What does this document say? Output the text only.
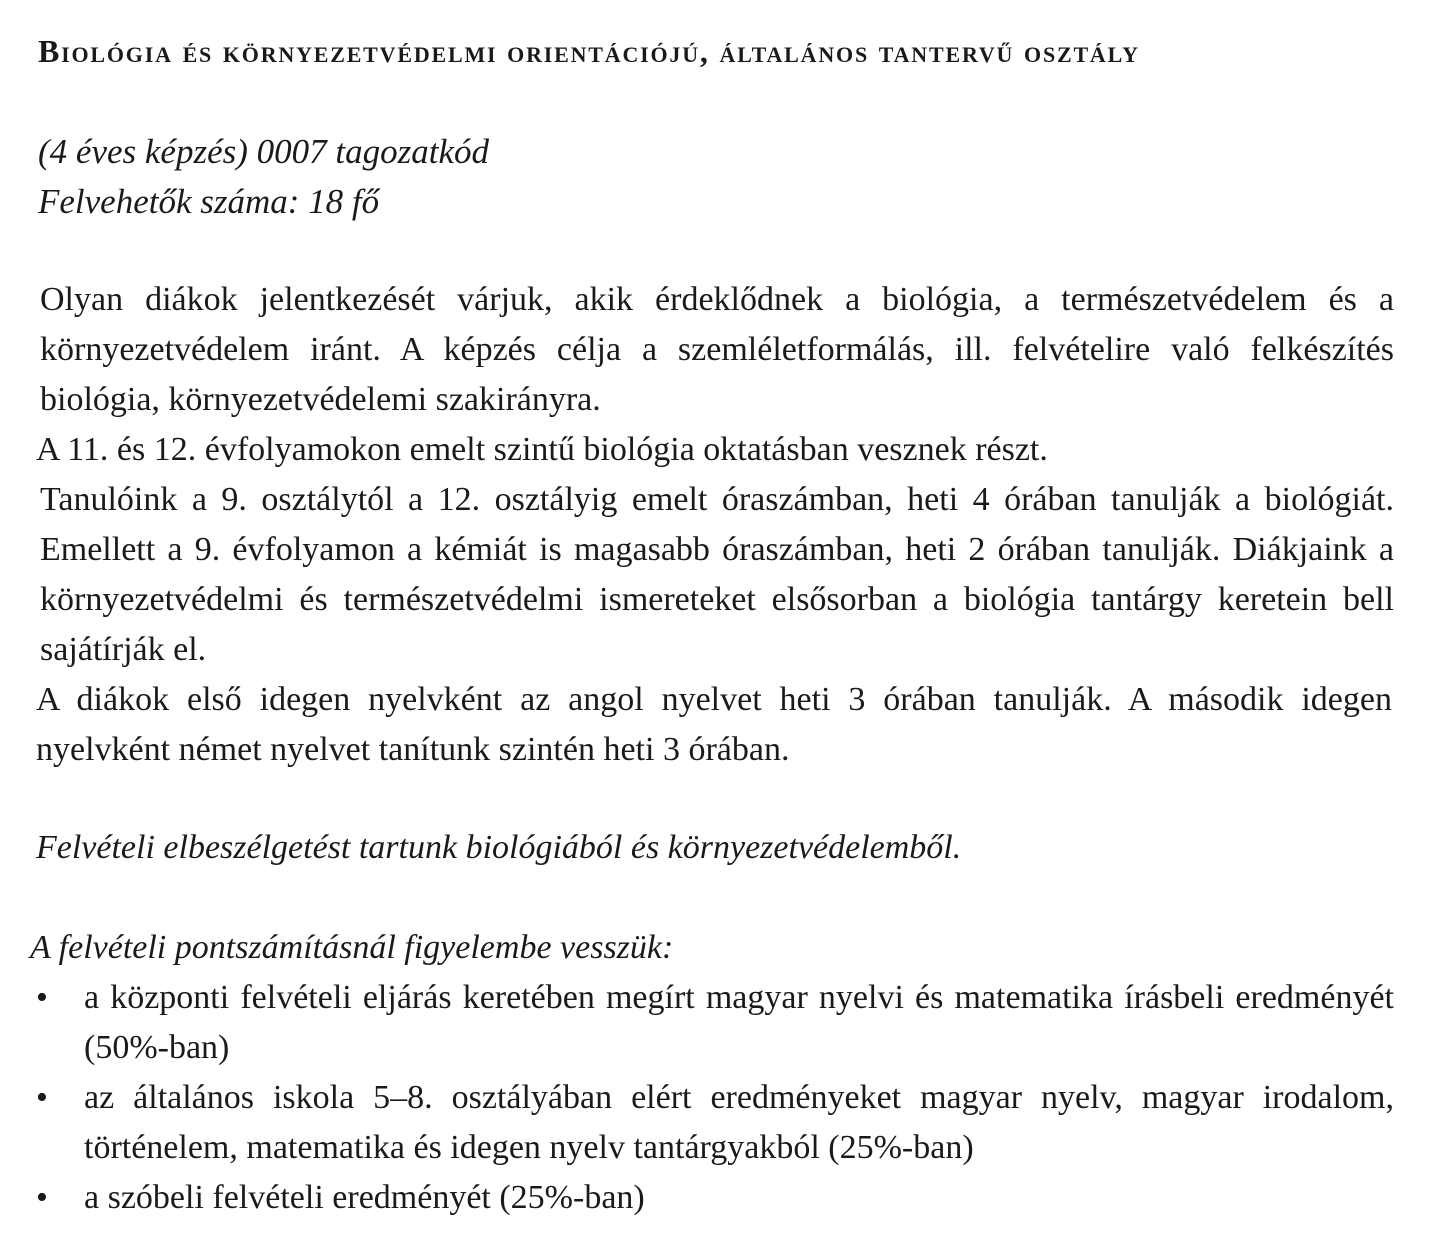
Biológia és környezetvédelmi orientációjú, általános tantervű osztály

(4 éves képzés) 0007 tagozatkód

Felvehetők száma: 18 fő

Olyan diákok jelentkezését várjuk, akik érdeklődnek a biológia, a természetvédelem és a környezetvédelem iránt. A képzés célja a szemléletformálás, ill. felvételire való felkészítés biológia, környezetvédelemi szakirányra.

A 11. és 12. évfolyamokon emelt szintű biológia oktatásban vesznek részt.

Tanulóink a 9. osztálytól a 12. osztályig emelt óraszámban, heti 4 órában tanulják a biológiát. Emellett a 9. évfolyamon a kémiát is magasabb óraszámban, heti 2 órában tanulják. Diákjaink a környezetvédelmi és természetvédelmi ismereteket elsősorban a biológia tantárgy keretein bell sajátírják el.

A diákok első idegen nyelvként az angol nyelvet heti 3 órában tanulják. A második idegen nyelvként német nyelvet tanítunk szintén heti 3 órában.

Felvételi elbeszélgetést tartunk biológiából és környezetvédelemből.

A felvételi pontszámításnál figyelembe vesszük:

• a központi felvételi eljárás keretében megírt magyar nyelvi és matematika írásbeli eredményét (50%-ban)
• az általános iskola 5–8. osztályában elért eredményeket magyar nyelv, magyar irodalom, történelem, matematika és idegen nyelv tantárgyakból (25%-ban)
• a szóbeli felvételi eredményét (25%-ban)
